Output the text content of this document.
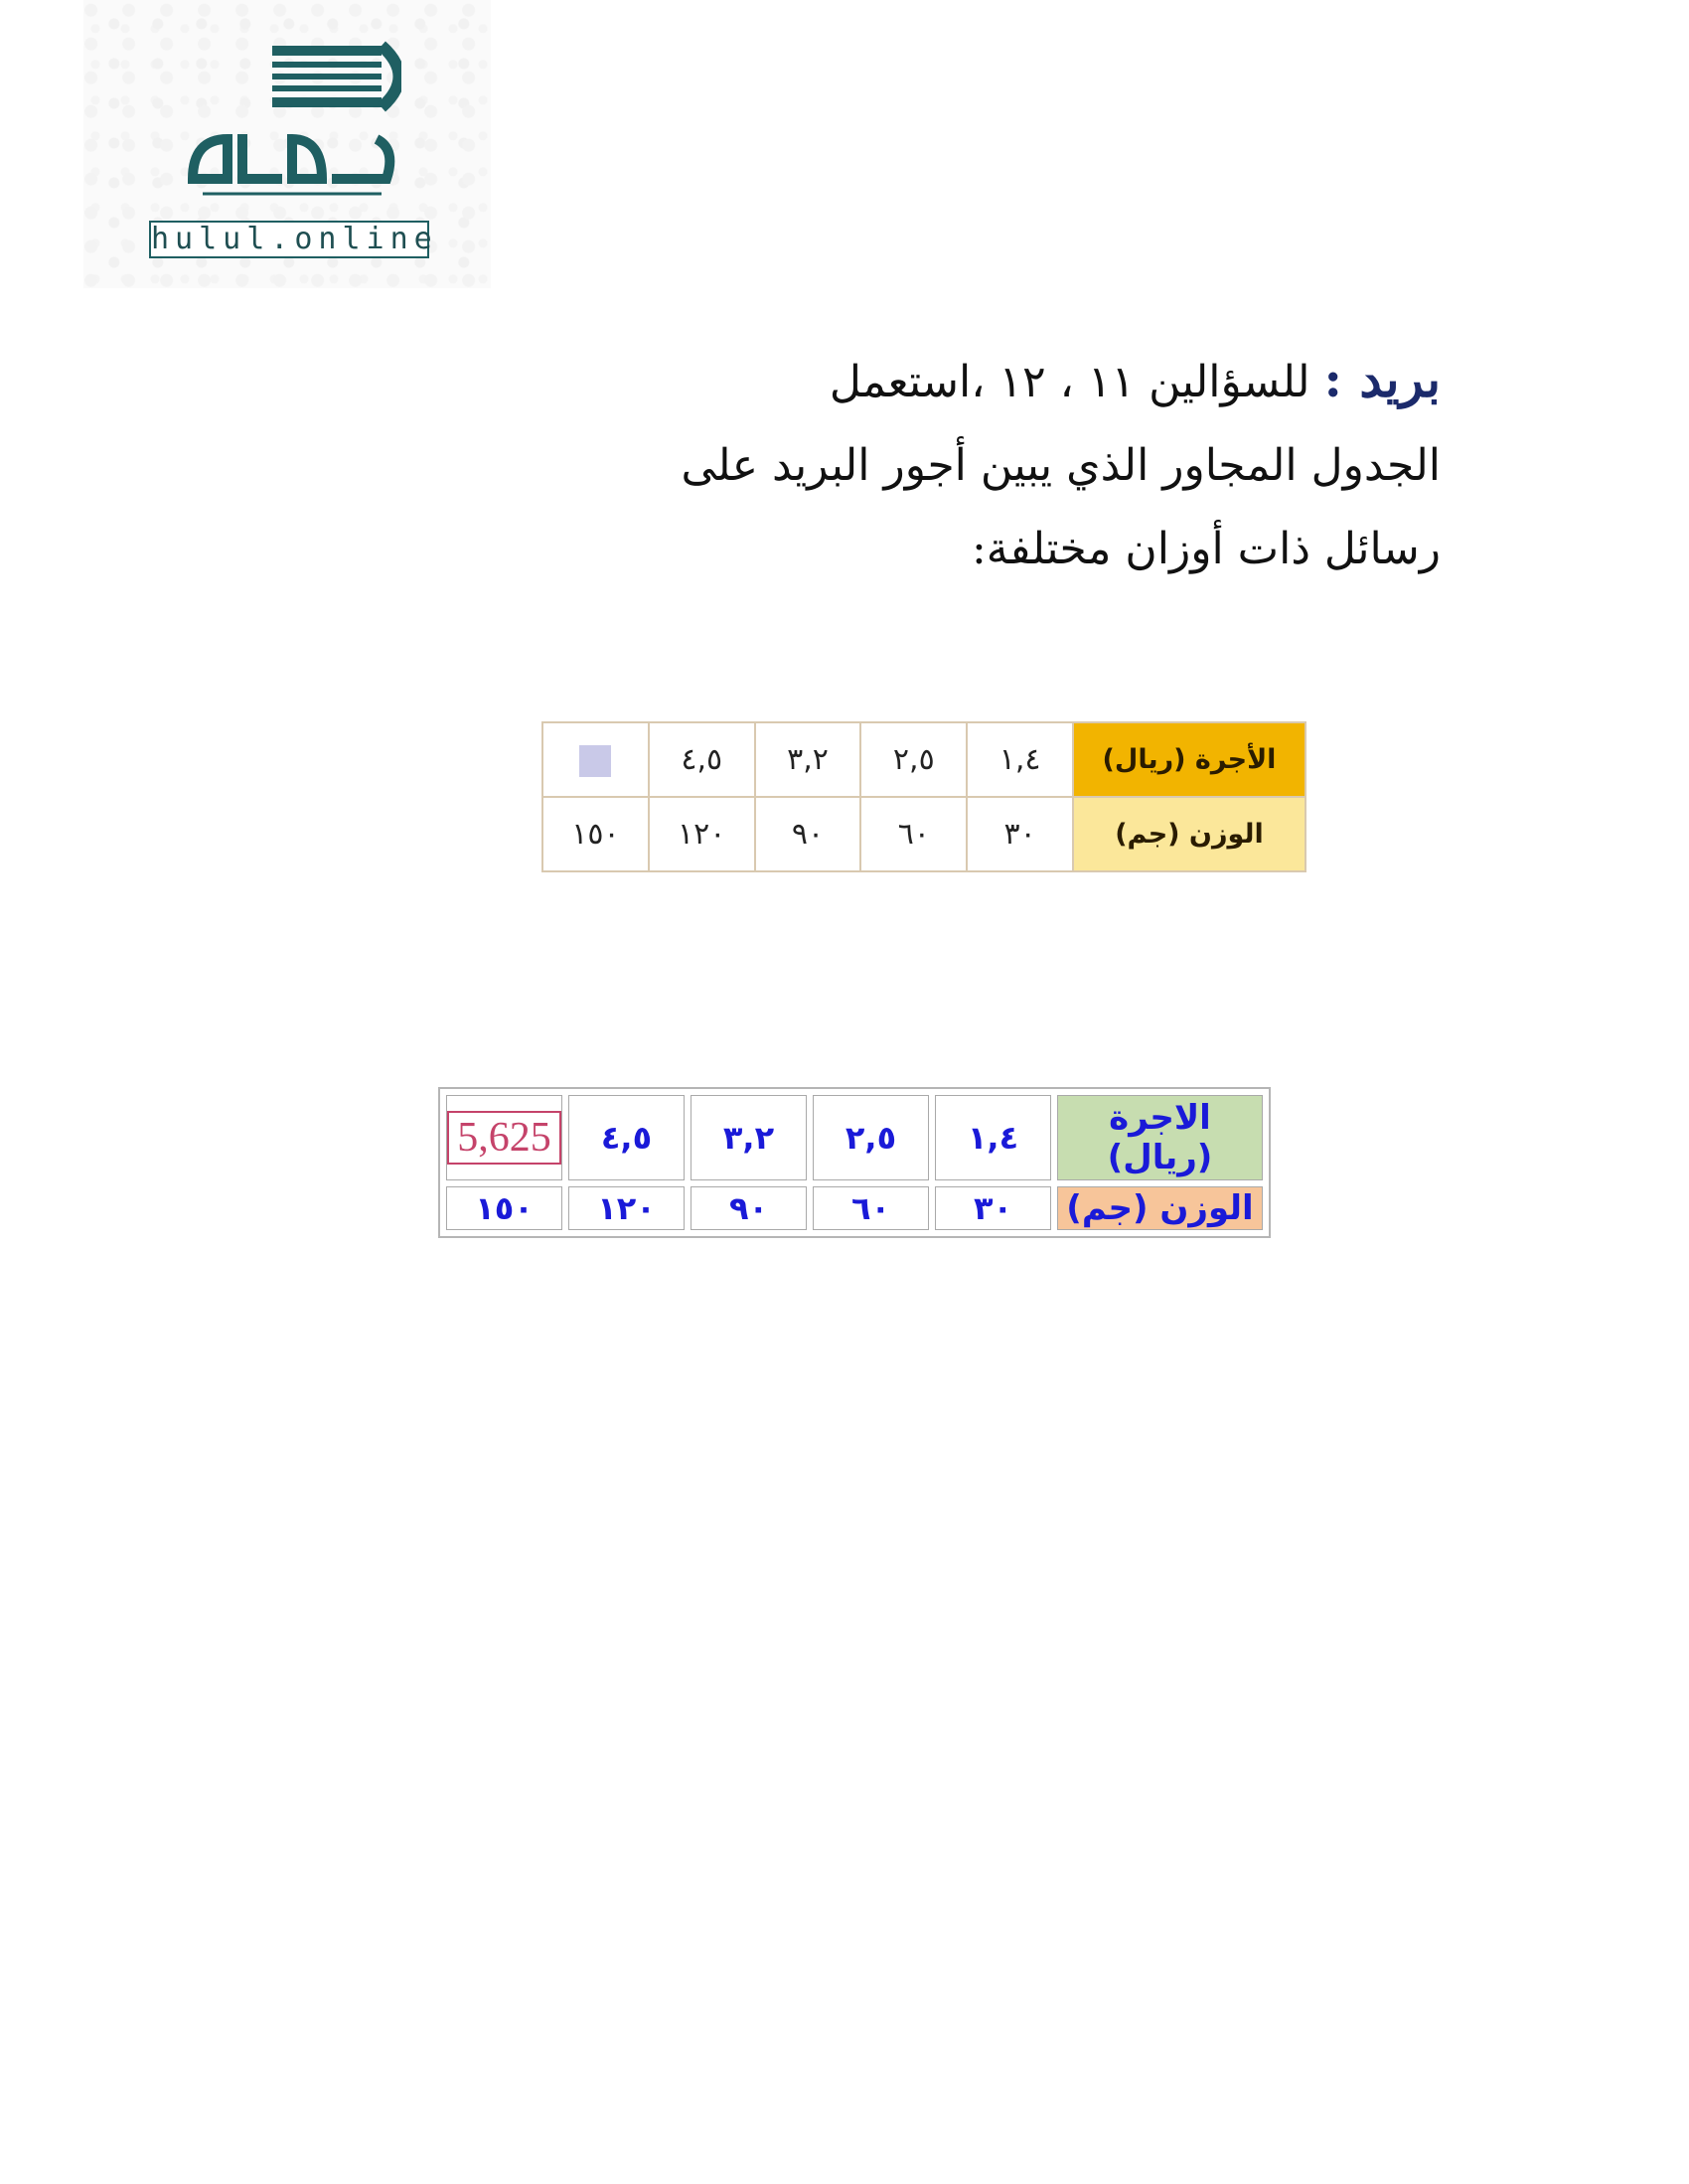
hulul.online
بريد : للسؤالين ١١ ، ١٢ ،استعمل
الجدول المجاور الذي يبين أجور البريد على
رسائل ذات أوزان مختلفة:
الأجرة (ريال)	١,٤	٢,٥	٣,٢	٤,٥	
الوزن (جم)	٣٠	٦٠	٩٠	١٢٠	١٥٠
الاجرة (ريال)	١,٤	٢,٥	٣,٢	٤,٥	5,625
الوزن (جم)	٣٠	٦٠	٩٠	١٢٠	١٥٠
